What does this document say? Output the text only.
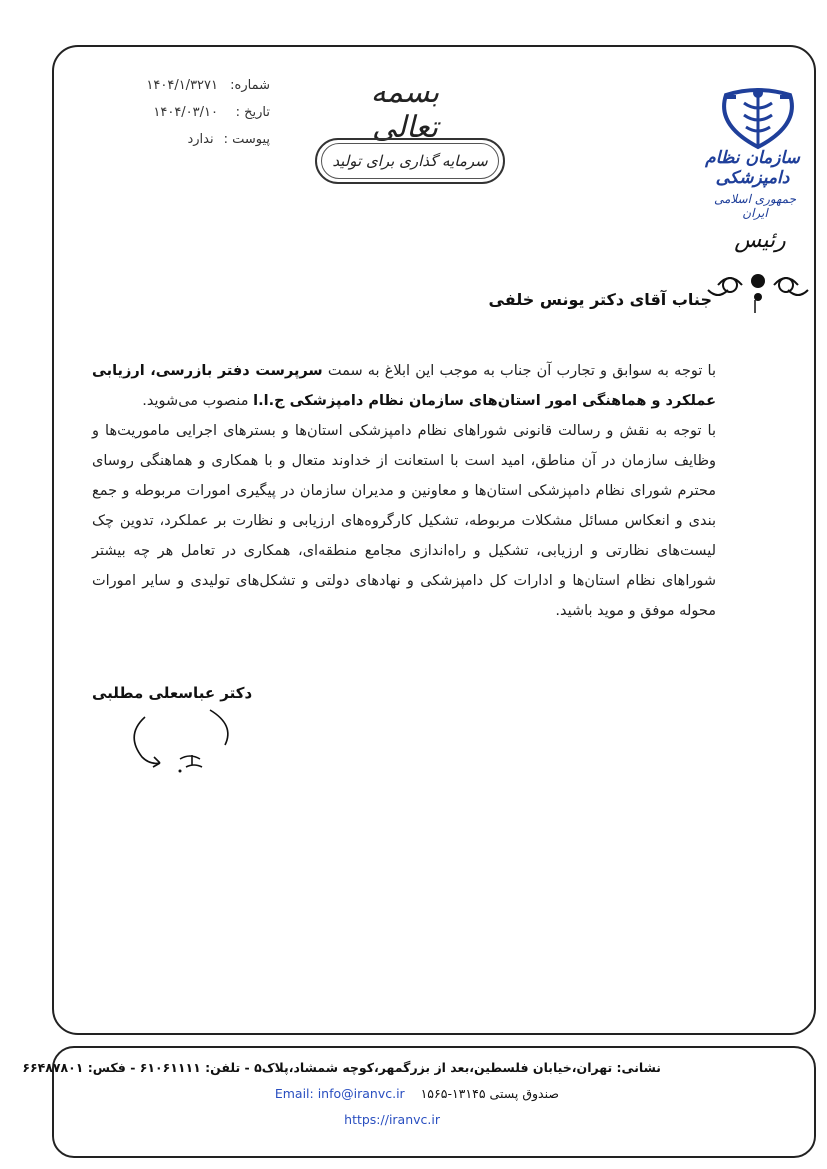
شماره:
۱۴۰۴/۱/۳۲۷۱
تاریخ :
۱۴۰۴/۰۳/۱۰
پیوست :
ندارد
بسمه تعالی
سرمایه گذاری برای تولید	سازمان نظام دامپزشکی
جمهوری اسلامی ایران
رئیس
جناب آقای دکتر یونس خلفی

با توجه به سوابق و تجارب آن جناب به موجب این ابلاغ به سمت سرپرست دفتر بازرسی، ارزیابی عملکرد و هماهنگی امور استان‌های سازمان نظام دامپزشکی ج.ا.ا منصوب می‌شوید.

با توجه به نقش و رسالت قانونی شوراهای نظام دامپزشکی استان‌ها و بسترهای اجرایی ماموریت‌ها و وظایف سازمان در آن مناطق، امید است با استعانت از خداوند متعال و با همکاری و هماهنگی روسای محترم شورای نظام دامپزشکی استان‌ها و معاونین و مدیران سازمان در پیگیری امورات مربوطه و جمع بندی و انعکاس مسائل مشکلات مربوطه، تشکیل کارگروه‌های ارزیابی و نظارت بر عملکرد، تدوین چک لیست‌های نظارتی و ارزیابی، تشکیل و راه‌اندازی مجامع منطقه‌ای، همکاری در تعامل هر چه بیشتر شوراهای نظام استان‌ها و ادارات کل دامپزشکی و نهادهای دولتی و تشکل‌های تولیدی و سایر امورات محوله موفق و موید باشید.

دکتر عباسعلی مطلبی
نشانی: تهران،خیابان فلسطین،بعد از بزرگمهر،کوچه شمشاد،پلاک۵ - تلفن: ۶۱۰۶۱۱۱۱ - فکس: ۶۶۴۸۷۸۰۱
صندوق پستی ۱۳۱۴۵-۱۵۶۵    Email: info@iranvc.ir
https://iranvc.ir
